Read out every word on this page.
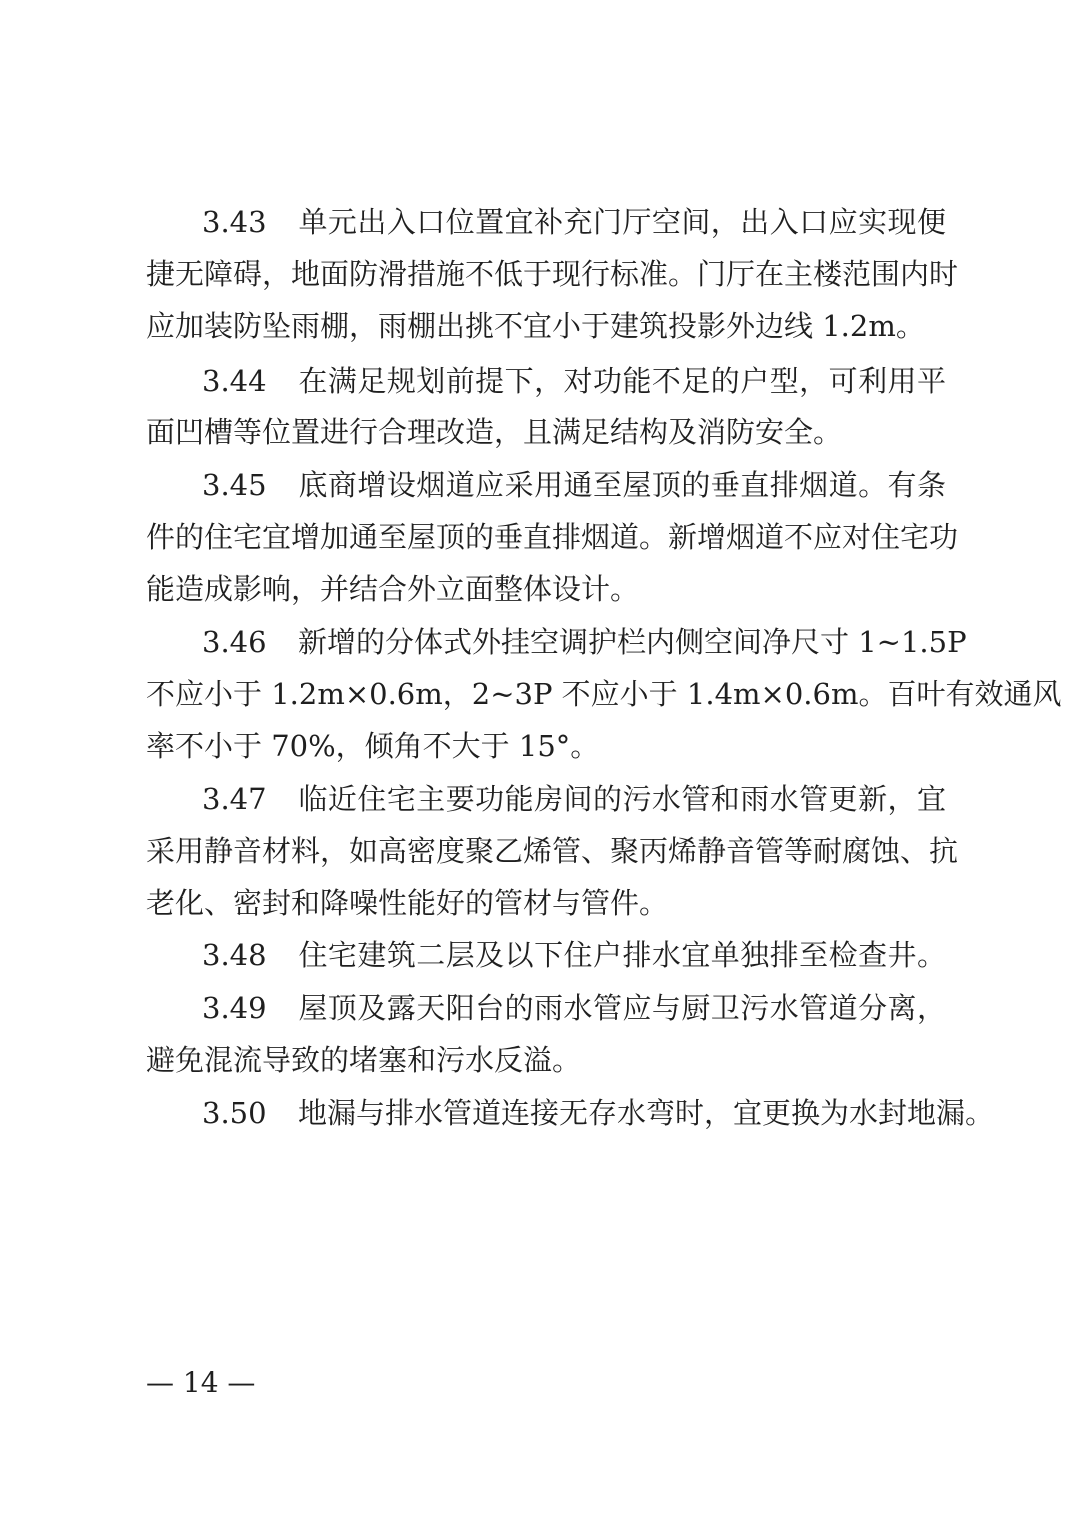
3.43 单元出入口位置宜补充门厅空间，出入口应实现便
捷无障碍，地面防滑措施不低于现行标准。门厅在主楼范围内时
应加装防坠雨棚，雨棚出挑不宜小于建筑投影外边线 1.2m。
3.44 在满足规划前提下，对功能不足的户型，可利用平
面凹槽等位置进行合理改造，且满足结构及消防安全。
3.45 底商增设烟道应采用通至屋顶的垂直排烟道。有条
件的住宅宜增加通至屋顶的垂直排烟道。新增烟道不应对住宅功
能造成影响，并结合外立面整体设计。
3.46 新增的分体式外挂空调护栏内侧空间净尺寸 1~1.5P
不应小于 1.2m×0.6m，2~3P 不应小于 1.4m×0.6m。百叶有效通风
率不小于 70%，倾角不大于 15°。
3.47 临近住宅主要功能房间的污水管和雨水管更新，宜
采用静音材料，如高密度聚乙烯管、聚丙烯静音管等耐腐蚀、抗
老化、密封和降噪性能好的管材与管件。
3.48 住宅建筑二层及以下住户排水宜单独排至检查井。
3.49 屋顶及露天阳台的雨水管应与厨卫污水管道分离，
避免混流导致的堵塞和污水反溢。
3.50 地漏与排水管道连接无存水弯时，宜更换为水封地漏。
— 14 —
